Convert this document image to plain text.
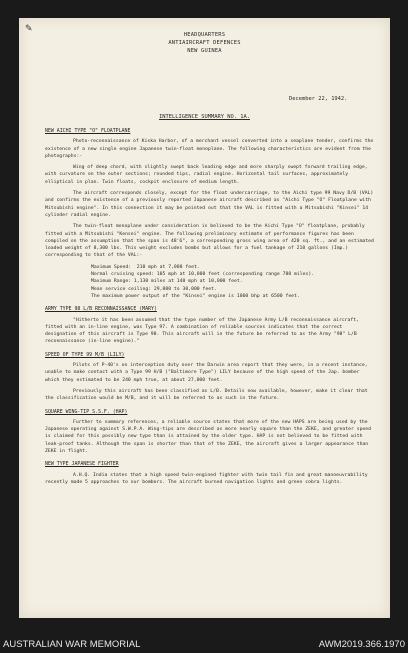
✎
HEADQUARTERS
ANTIAIRCRAFT DEFENCES
NEW GUINEA
December 22, 1942.
INTELLIGENCE SUMMARY NO. 1A.
NEW AICHI TYPE "O" FLOATPLANE

Photo-reconnaissance of Kiska Harbor, of a merchant vessel converted into a seaplane tender, confirms the existence of a new single engine Japanese twin-float monoplane. The following characteristics are evident from the photographs:-

Wing of deep chord, with slightly swept back leading edge and more sharply swept forward trailing edge, with curvature on the outer sections; rounded tips, radial engine. Horizontal tail surfaces, approximately elliptical in plan. Twin floats, cockpit enclosure of medium length.

The aircraft corresponds closely, except for the float undercarriage, to the Aichi type 99 Navy D/B (VAL) and confirms the existence of a previously reported Japanese aircraft described as "Aichi Type "O" Floatplane with Mitsubishi engine". In this connection it may be pointed out that the VAL is fitted with a Mitsubishi "Kinsei" 14 cylinder radial engine.

The twin-float monoplane under consideration is believed to be the Aichi Type "O" floatplane, probably fitted with a Mitsubishi "Kensei" engine. The following preliminary estimate of performance figures has been compiled on the assumption that the span is 48'6", a corresponding gross wing area of 420 sq. ft., and an estimated loaded weight of 8,300 lbs. This weight excludes bombs but allows for a fuel tankage of 210 gallons (Imp.) corresponding to that of the VAL:-

Maximum Speed:  210 mph at 7,000 feet.
Normal cruising speed: 185 mph at 10,000 feet (corresponding range 780 miles).
Maximum Range: 1,130 miles at 140 mph at 10,000 feet.
Mean service ceiling: 29,000 to 30,000 feet.
The maximum power output of the "Kinsei" engine is 1060 bhp at 6500 feet.
ARMY TYPE 98 L/B RECONNAISSANCE (MARY)

"Hitherto it has been assumed that the type number of the Japanese Army L/B reconnaissance aircraft, fitted with an in-line engine, was Type 97. A combination of reliable sources indicates that the correct designation of this aircraft is Type 98. This aircraft will in the future be referred to as the Army "98" L/B reconnaissance (in-line engine)."

SPEED OF TYPE 99 M/B (LILY)

Pilots of P-40's on interception duty over the Darwin area report that they were, in a recent instance, unable to make contact with a Type 99 H/B ("Baltimore Type") LILY because of the high speed of the Jap. bomber which they estimated to be 240 mph true, at about 27,000 feet.

Previously this aircraft has been classified as L/B. Details now available, however, make it clear that the classification would be M/B, and it will be referred to as such in the future.

SQUARE WING-TIP S.S.F. (HAP)

Further to summary references, a reliable source states that more of the new HAPS are being used by the Japanese operating against S.W.P.A. Wing-tips are described as more nearly square than the ZEKE, and greater speed is claimed for this possibly new type than is attained by the older type. HAP is not believed to be fitted with leak-proof tanks. Although the span is shorter than that of the ZEKE, the aircraft gives a larger appearance than ZEKE in flight.

NEW TYPE JAPANESE FIGHTER

A.H.Q. India states that a high speed twin-engined fighter with twin tail fin and great manoeuvrability recently made 5 approaches to our bombers. The aircraft burned navigation lights and green cobra lights.

AUSTRALIAN WAR MEMORIAL	AWM2019.366.1970
